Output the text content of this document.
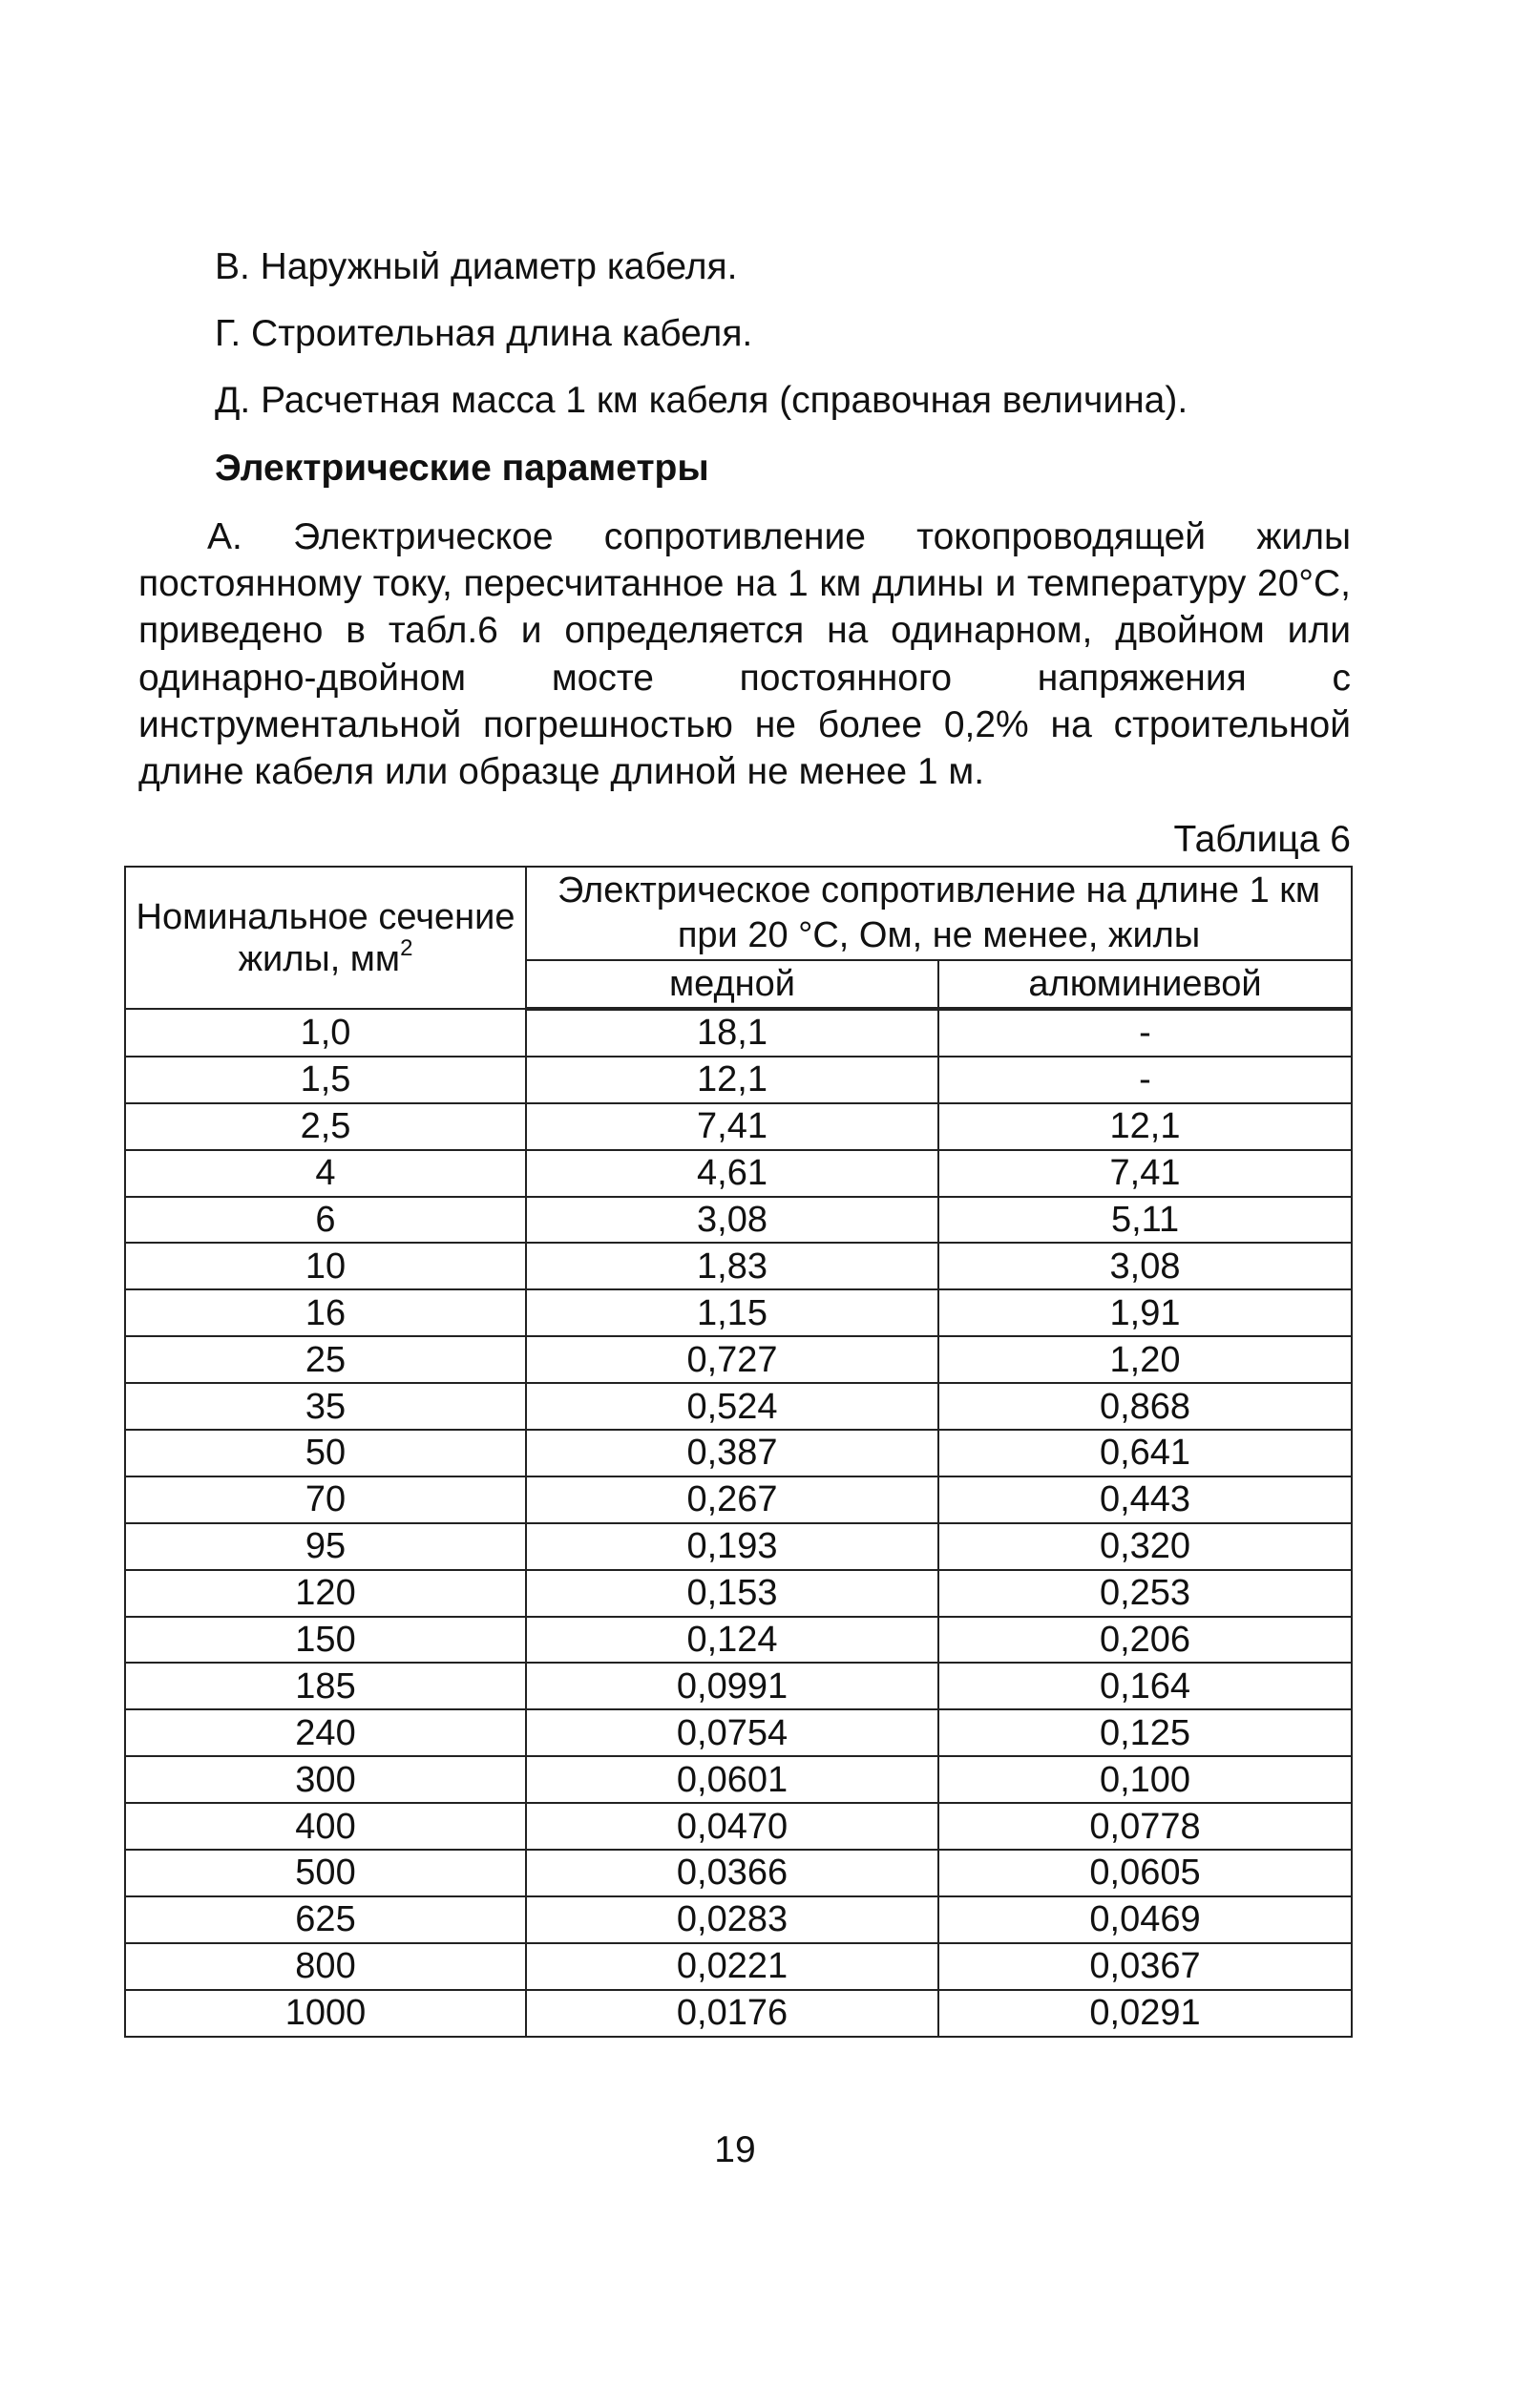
В. Наружный диаметр кабеля.
Г. Строительная длина кабеля.
Д. Расчетная масса 1 км кабеля (справочная величина).
Электрические параметры
А. Электрическое сопротивление токопроводящей жилы постоянному току, пересчитанное на 1 км длины и температуру 20°С, приведено в табл.6 и определяется на одинарном, двойном или одинарно-двойном мосте постоянного напряжения с инструментальной погрешностью не более 0,2% на строительной длине кабеля или образце длиной не менее 1 м.
Таблица 6
Номинальное сечение жилы, $мм^2$	Электрическое сопротивление на длине 1 км при 20 °С, Ом, не менее, жилы	
	медной	алюминиевой
1,0	18,1	-
1,5	12,1	-
2,5	7,41	12,1
4	4,61	7,41
6	3,08	5,11
10	1,83	3,08
16	1,15	1,91
25	0,727	1,20
35	0,524	0,868
50	0,387	0,641
70	0,267	0,443
95	0,193	0,320
120	0,153	0,253
150	0,124	0,206
185	0,0991	0,164
240	0,0754	0,125
300	0,0601	0,100
400	0,0470	0,0778
500	0,0366	0,0605
625	0,0283	0,0469
800	0,0221	0,0367
1000	0,0176	0,0291
19
